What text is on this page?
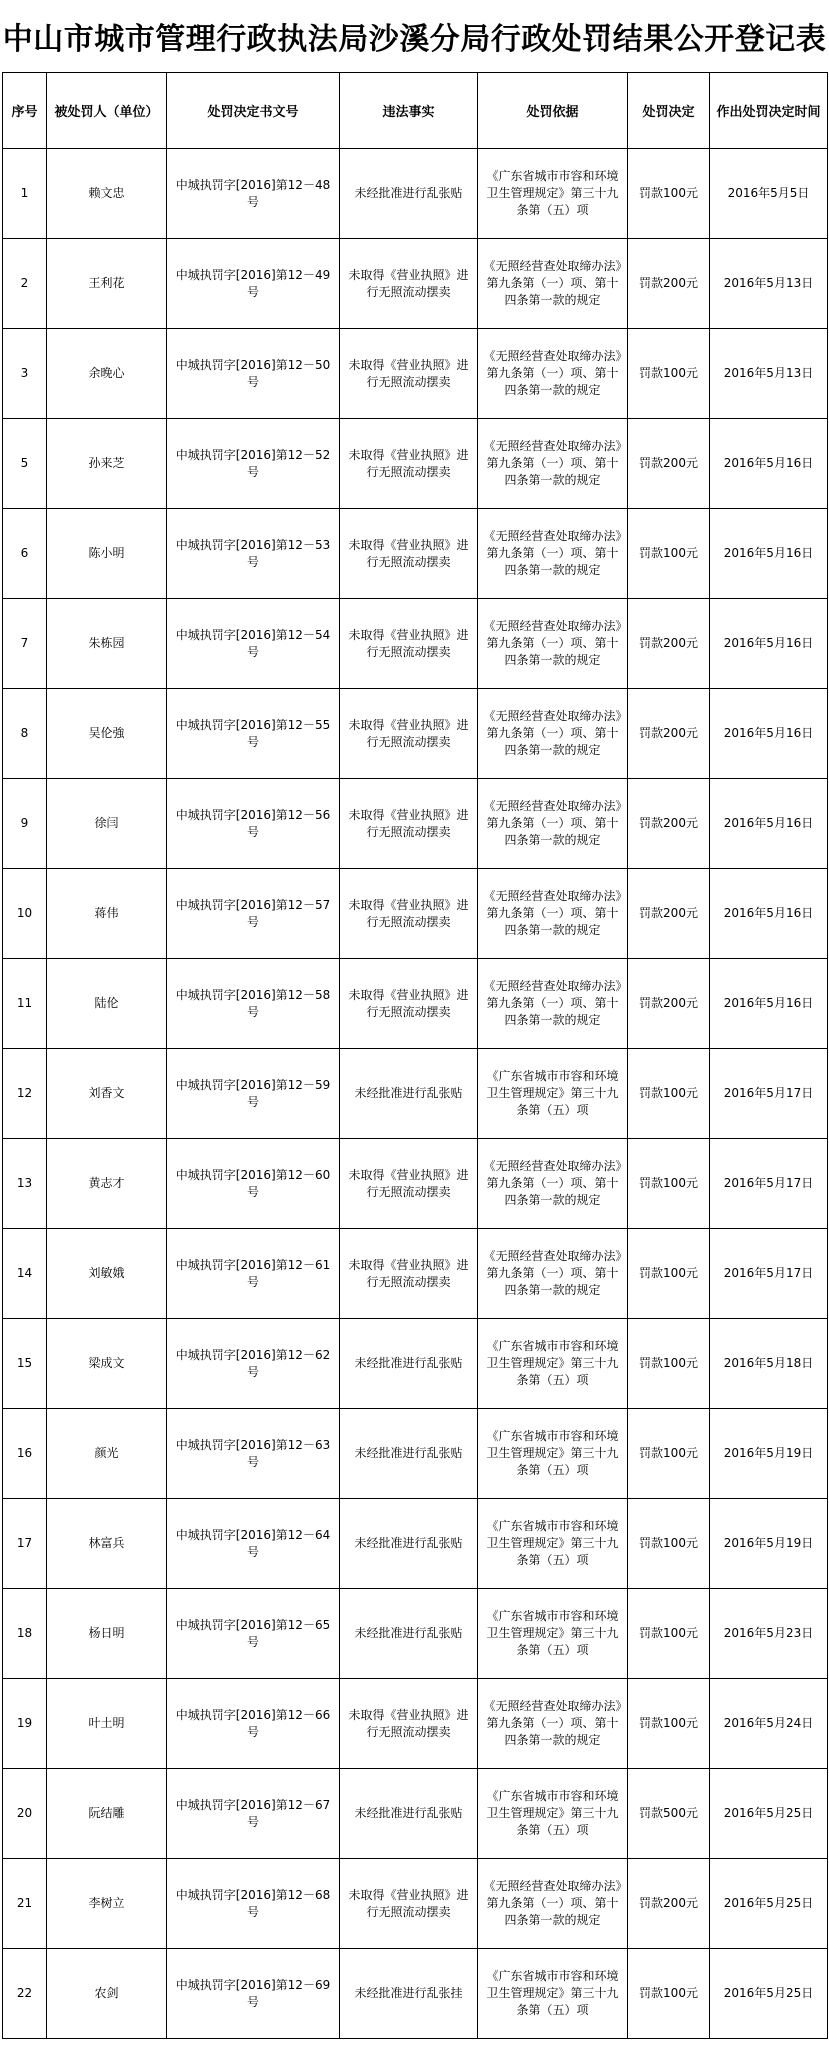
中山市城市管理行政执法局沙溪分局行政处罚结果公开登记表
序号	被处罚人（单位）	处罚决定书文号	违法事实	处罚依据	处罚决定	作出处罚决定时间
1	赖文忠	中城执罚字[2016]第12－48号	未经批准进行乱张贴	《广东省城市市容和环境卫生管理规定》第三十九条第（五）项	罚款100元	2016年5月5日
2	王利花	中城执罚字[2016]第12－49号	未取得《营业执照》进行无照流动摆卖	《无照经营查处取缔办法》第九条第（一）项、第十四条第一款的规定	罚款200元	2016年5月13日
3	余晚心	中城执罚字[2016]第12－50号	未取得《营业执照》进行无照流动摆卖	《无照经营查处取缔办法》第九条第（一）项、第十四条第一款的规定	罚款100元	2016年5月13日
5	孙来芝	中城执罚字[2016]第12－52号	未取得《营业执照》进行无照流动摆卖	《无照经营查处取缔办法》第九条第（一）项、第十四条第一款的规定	罚款200元	2016年5月16日
6	陈小明	中城执罚字[2016]第12－53号	未取得《营业执照》进行无照流动摆卖	《无照经营查处取缔办法》第九条第（一）项、第十四条第一款的规定	罚款100元	2016年5月16日
7	朱栋园	中城执罚字[2016]第12－54号	未取得《营业执照》进行无照流动摆卖	《无照经营查处取缔办法》第九条第（一）项、第十四条第一款的规定	罚款200元	2016年5月16日
8	吴伦強	中城执罚字[2016]第12－55号	未取得《营业执照》进行无照流动摆卖	《无照经营查处取缔办法》第九条第（一）项、第十四条第一款的规定	罚款200元	2016年5月16日
9	徐闫	中城执罚字[2016]第12－56号	未取得《营业执照》进行无照流动摆卖	《无照经营查处取缔办法》第九条第（一）项、第十四条第一款的规定	罚款200元	2016年5月16日
10	蒋伟	中城执罚字[2016]第12－57号	未取得《营业执照》进行无照流动摆卖	《无照经营查处取缔办法》第九条第（一）项、第十四条第一款的规定	罚款200元	2016年5月16日
11	陆伦	中城执罚字[2016]第12－58号	未取得《营业执照》进行无照流动摆卖	《无照经营查处取缔办法》第九条第（一）项、第十四条第一款的规定	罚款200元	2016年5月16日
12	刘香文	中城执罚字[2016]第12－59号	未经批准进行乱张贴	《广东省城市市容和环境卫生管理规定》第三十九条第（五）项	罚款100元	2016年5月17日
13	黄志才	中城执罚字[2016]第12－60号	未取得《营业执照》进行无照流动摆卖	《无照经营查处取缔办法》第九条第（一）项、第十四条第一款的规定	罚款100元	2016年5月17日
14	刘敏娥	中城执罚字[2016]第12－61号	未取得《营业执照》进行无照流动摆卖	《无照经营查处取缔办法》第九条第（一）项、第十四条第一款的规定	罚款100元	2016年5月17日
15	梁成文	中城执罚字[2016]第12－62号	未经批准进行乱张贴	《广东省城市市容和环境卫生管理规定》第三十九条第（五）项	罚款100元	2016年5月18日
16	颜光	中城执罚字[2016]第12－63号	未经批准进行乱张贴	《广东省城市市容和环境卫生管理规定》第三十九条第（五）项	罚款100元	2016年5月19日
17	林富兵	中城执罚字[2016]第12－64号	未经批准进行乱张贴	《广东省城市市容和环境卫生管理规定》第三十九条第（五）项	罚款100元	2016年5月19日
18	杨日明	中城执罚字[2016]第12－65号	未经批准进行乱张贴	《广东省城市市容和环境卫生管理规定》第三十九条第（五）项	罚款100元	2016年5月23日
19	叶土明	中城执罚字[2016]第12－66号	未取得《营业执照》进行无照流动摆卖	《无照经营查处取缔办法》第九条第（一）项、第十四条第一款的规定	罚款100元	2016年5月24日
20	阮结雕	中城执罚字[2016]第12－67号	未经批准进行乱张贴	《广东省城市市容和环境卫生管理规定》第三十九条第（五）项	罚款500元	2016年5月25日
21	李树立	中城执罚字[2016]第12－68号	未取得《营业执照》进行无照流动摆卖	《无照经营查处取缔办法》第九条第（一）项、第十四条第一款的规定	罚款200元	2016年5月25日
22	农剑	中城执罚字[2016]第12－69号	未经批准进行乱张挂	《广东省城市市容和环境卫生管理规定》第三十九条第（五）项	罚款100元	2016年5月25日
